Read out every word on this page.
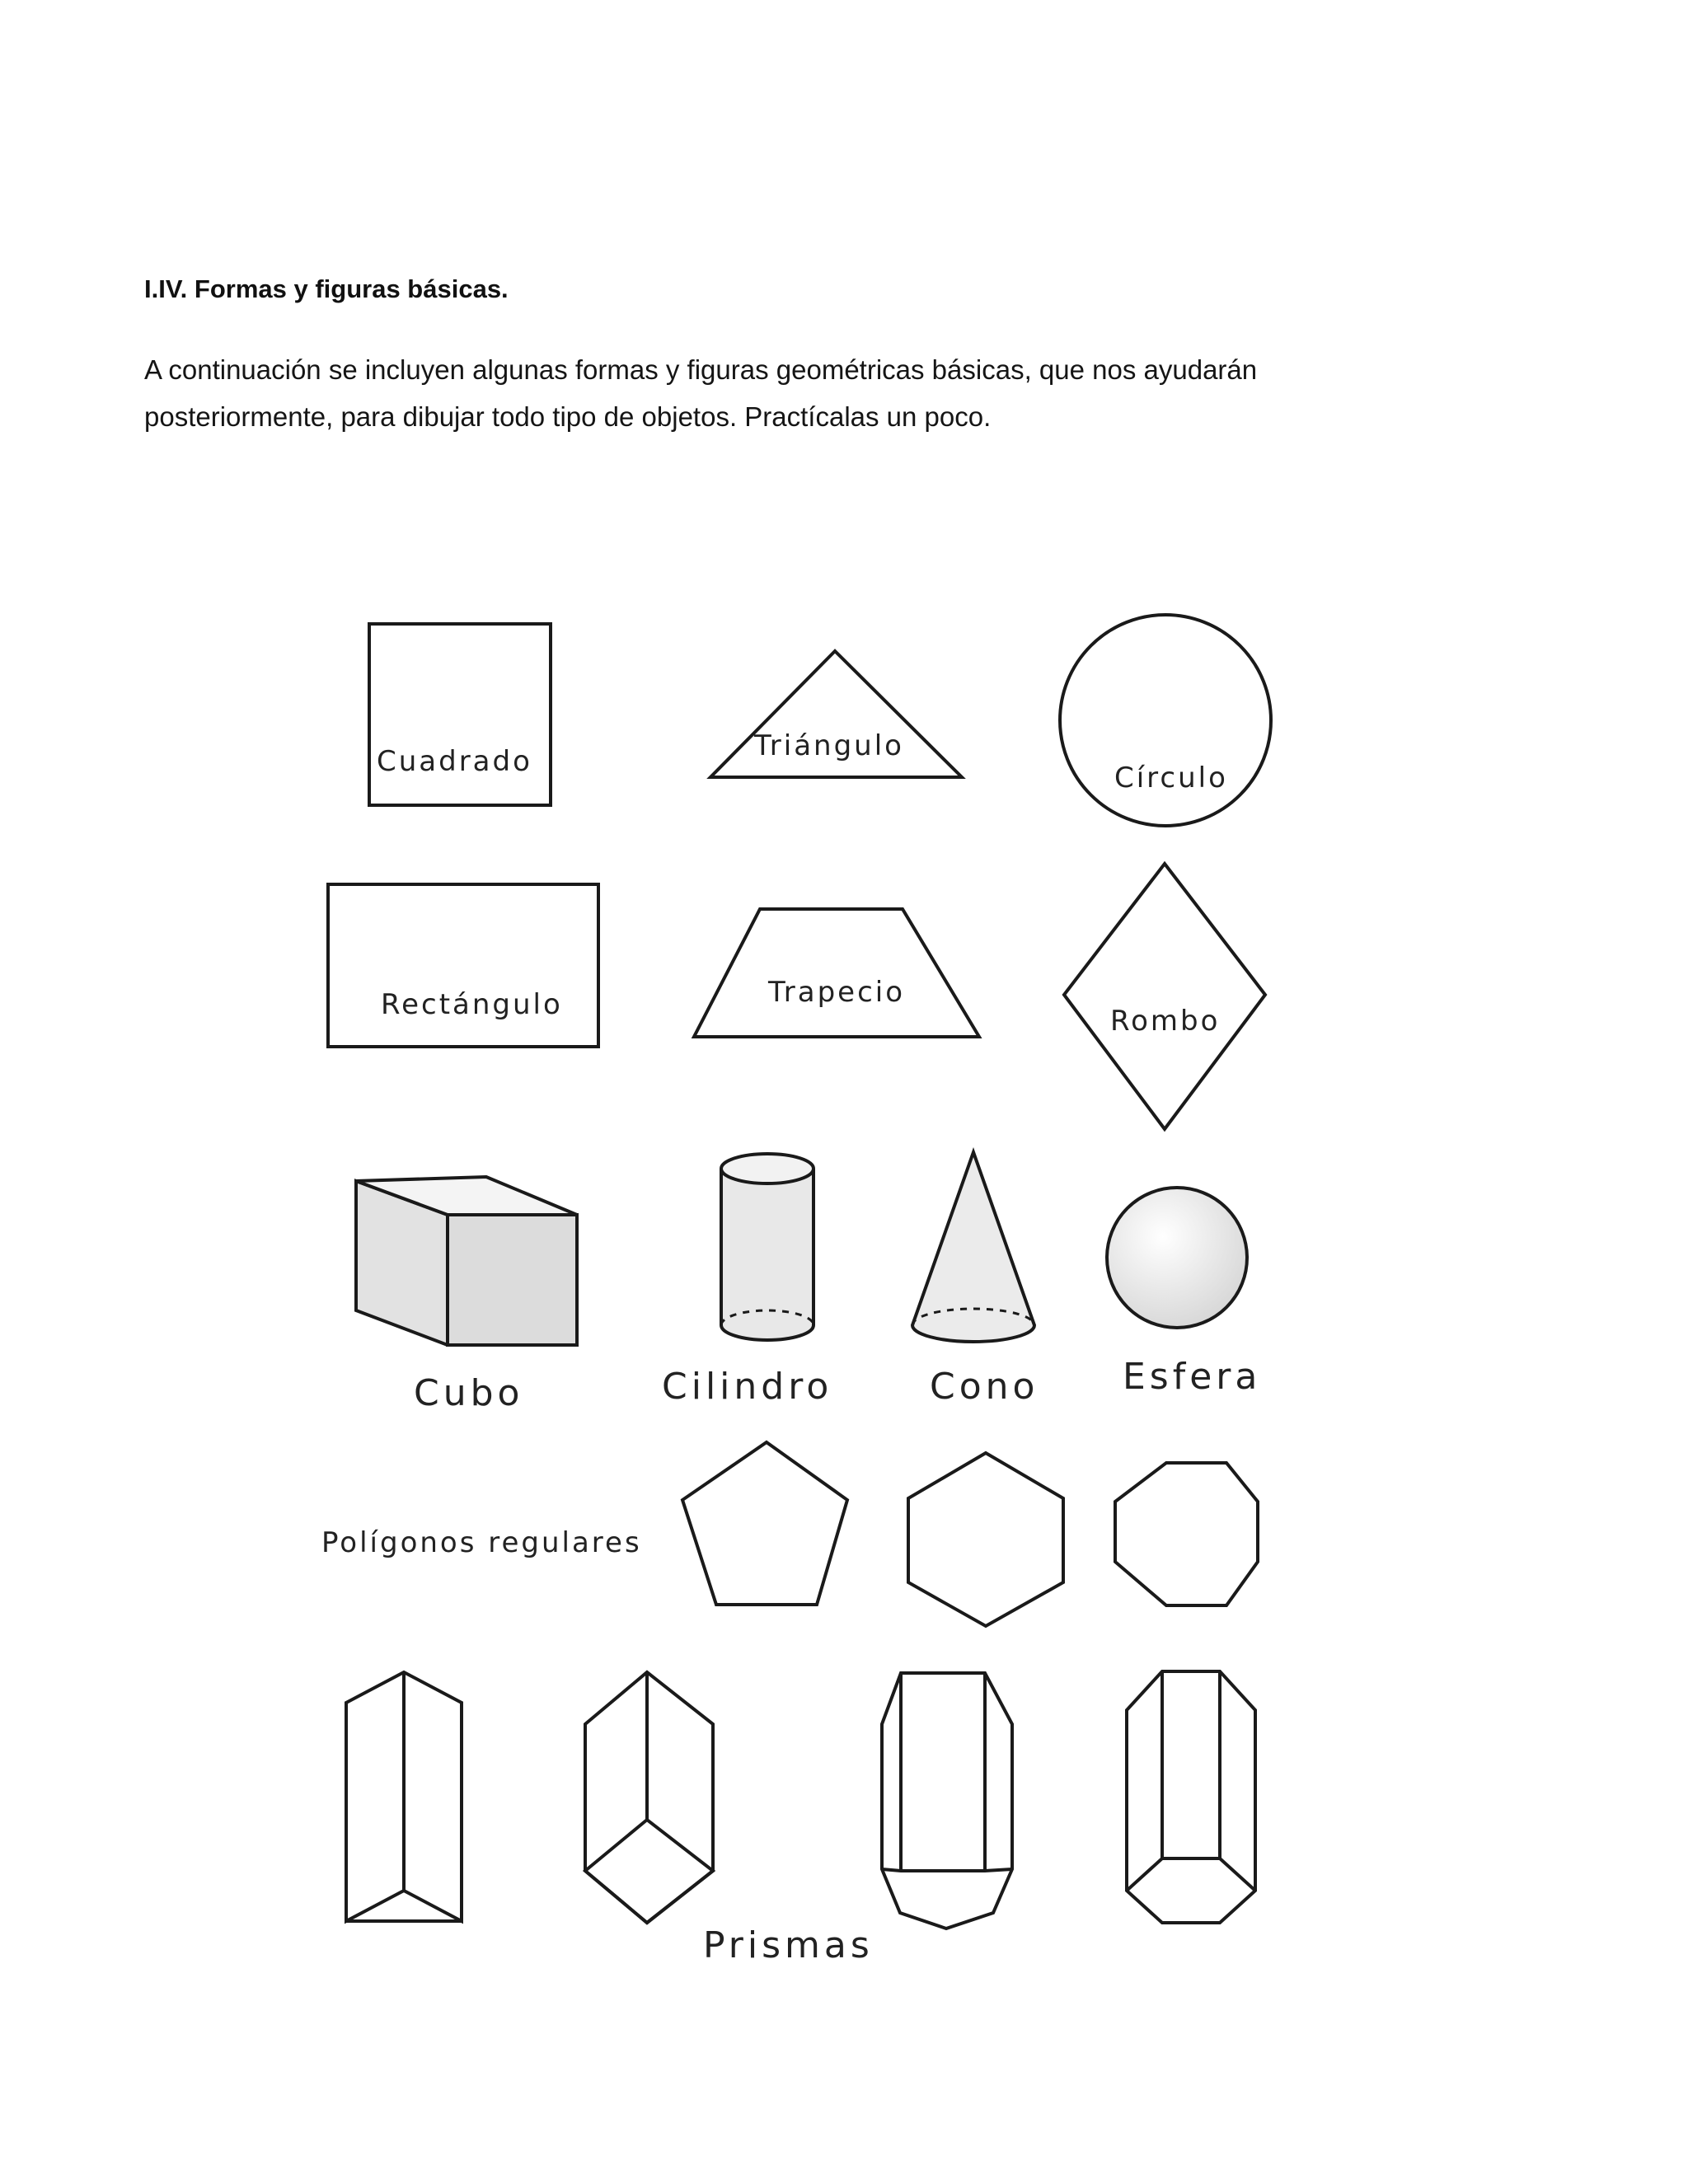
I.IV. Formas y figuras básicas.
A continuación se incluyen algunas formas y figuras geométricas básicas, que nos ayudarán posteriormente, para dibujar todo tipo de objetos. Practícalas un poco.
Cuadrado	Triángulo
Círculo
Rectángulo	Trapecio
Rombo
Cubo	Cilindro	Cono Esfera
Polígonos regulares
Prismas
